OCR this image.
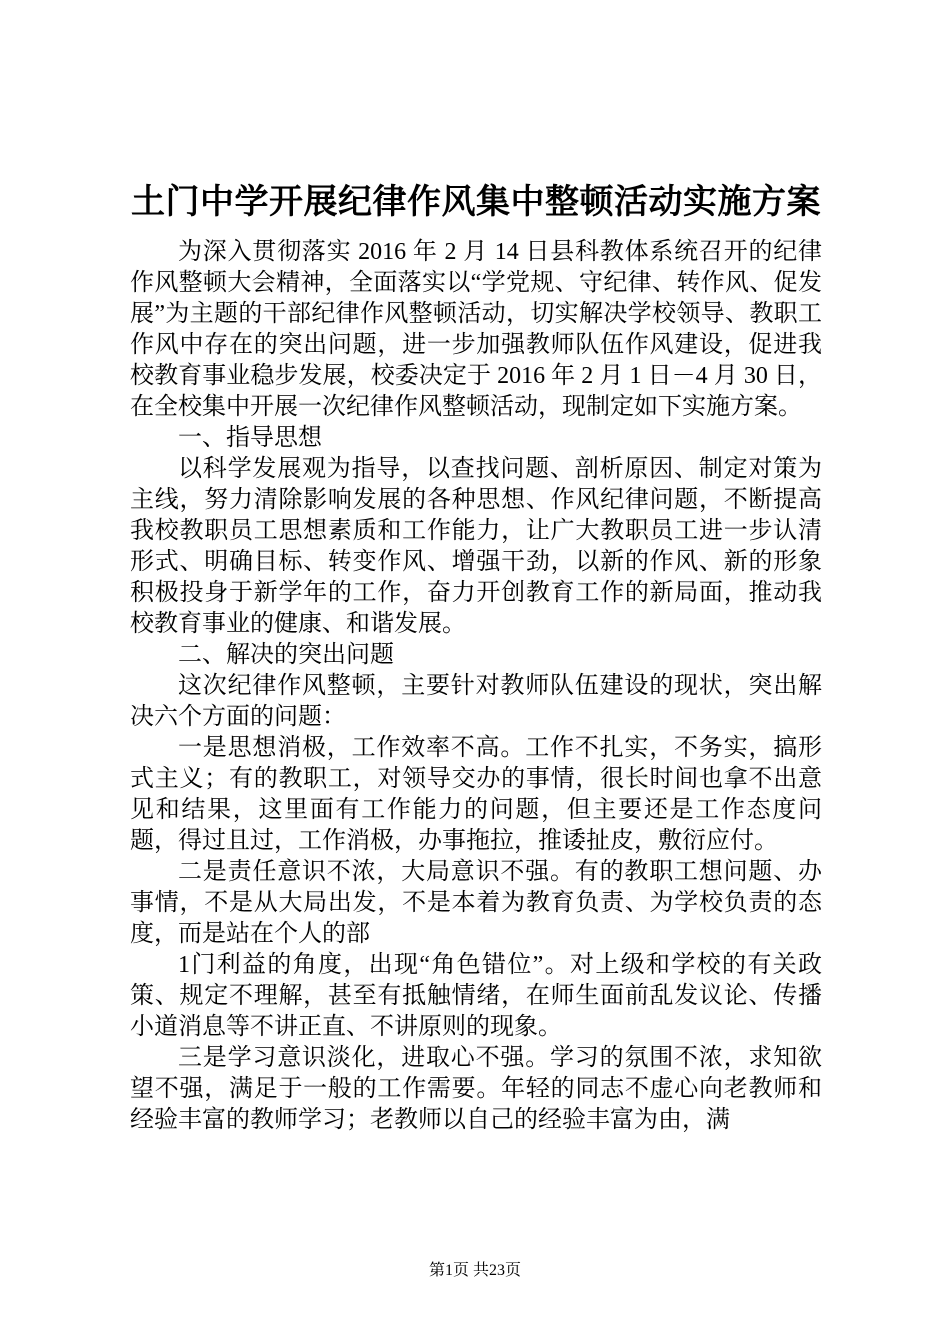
土门中学开展纪律作风集中整顿活动实施方案

为深入贯彻落实 2016 年 2 月 14 日县科教体系统召开的纪律作风整顿大会精神，全面落实以“学党规、守纪律、转作风、促发展”为主题的干部纪律作风整顿活动，切实解决学校领导、教职工作风中存在的突出问题，进一步加强教师队伍作风建设，促进我校教育事业稳步发展，校委决定于 2016 年 2 月 1 日－4 月 30 日，在全校集中开展一次纪律作风整顿活动，现制定如下实施方案。

一、指导思想

以科学发展观为指导，以查找问题、剖析原因、制定对策为主线，努力清除影响发展的各种思想、作风纪律问题，不断提高我校教职员工思想素质和工作能力，让广大教职员工进一步认清形式、明确目标、转变作风、增强干劲，以新的作风、新的形象积极投身于新学年的工作，奋力开创教育工作的新局面，推动我校教育事业的健康、和谐发展。

二、解决的突出问题

这次纪律作风整顿，主要针对教师队伍建设的现状，突出解决六个方面的问题：

一是思想消极，工作效率不高。工作不扎实，不务实，搞形式主义；有的教职工，对领导交办的事情，很长时间也拿不出意见和结果，这里面有工作能力的问题，但主要还是工作态度问题，得过且过，工作消极，办事拖拉，推诿扯皮，敷衍应付。

二是责任意识不浓，大局意识不强。有的教职工想问题、办事情，不是从大局出发，不是本着为教育负责、为学校负责的态度，而是站在个人的部

1门利益的角度，出现“角色错位”。对上级和学校的有关政策、规定不理解，甚至有抵触情绪，在师生面前乱发议论、传播小道消息等不讲正直、不讲原则的现象。

三是学习意识淡化，进取心不强。学习的氛围不浓，求知欲望不强，满足于一般的工作需要。年轻的同志不虚心向老教师和经验丰富的教师学习；老教师以自己的经验丰富为由，满

第1页 共23页
